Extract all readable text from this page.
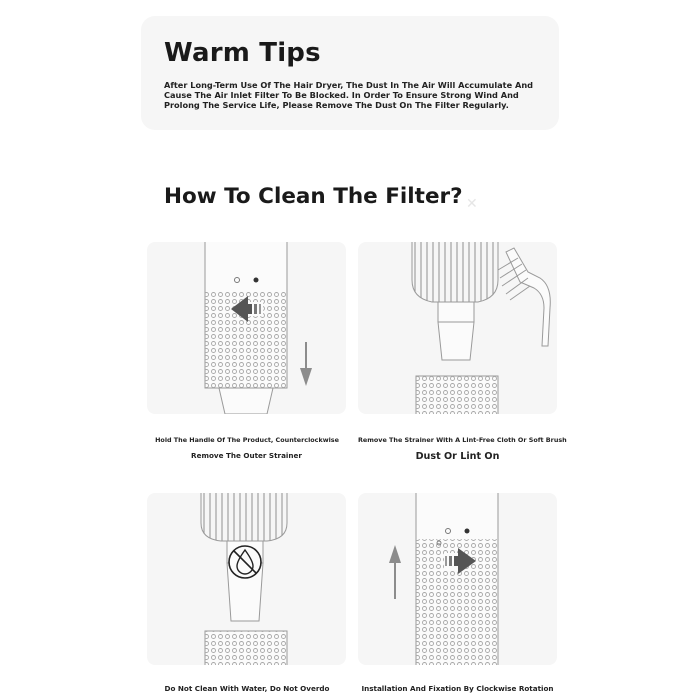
Warm Tips

After Long-Term Use Of The Hair Dryer, The Dust In The Air Will Accumulate And Cause The Air Inlet Filter To Be Blocked. In Order To Ensure Strong Wind And Prolong The Service Life, Please Remove The Dust On The Filter Regularly.

How To Clean The Filter? ✕
Hold The Handle Of The Product, Counterclockwise
Remove The Outer Strainer
Remove The Strainer With A Lint-Free Cloth Or Soft Brush
Dust Or Lint On
Do Not Clean With Water, Do Not Overdo	Installation And Fixation By Clockwise Rotation
